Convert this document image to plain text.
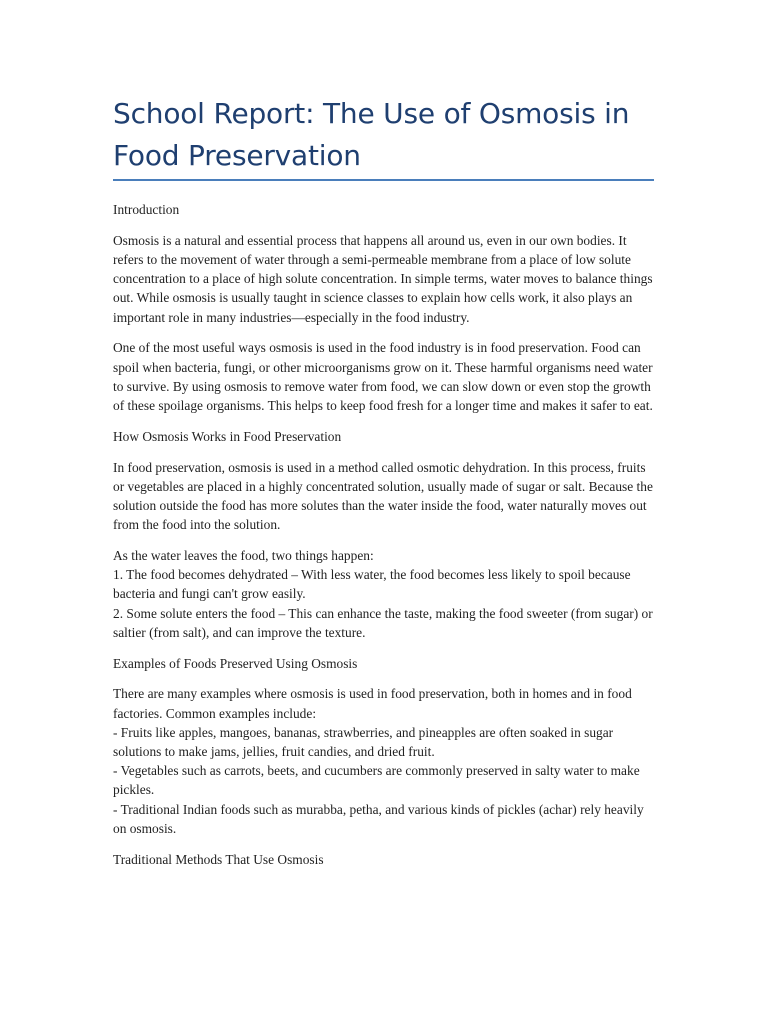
School Report: The Use of Osmosis in Food Preservation

Introduction

Osmosis is a natural and essential process that happens all around us, even in our own bodies. It refers to the movement of water through a semi-permeable membrane from a place of low solute concentration to a place of high solute concentration. In simple terms, water moves to balance things out. While osmosis is usually taught in science classes to explain how cells work, it also plays an important role in many industries—especially in the food industry.

One of the most useful ways osmosis is used in the food industry is in food preservation. Food can spoil when bacteria, fungi, or other microorganisms grow on it. These harmful organisms need water to survive. By using osmosis to remove water from food, we can slow down or even stop the growth of these spoilage organisms. This helps to keep food fresh for a longer time and makes it safer to eat.

How Osmosis Works in Food Preservation

In food preservation, osmosis is used in a method called osmotic dehydration. In this process, fruits or vegetables are placed in a highly concentrated solution, usually made of sugar or salt. Because the solution outside the food has more solutes than the water inside the food, water naturally moves out from the food into the solution.

As the water leaves the food, two things happen:

1. The food becomes dehydrated – With less water, the food becomes less likely to spoil because bacteria and fungi can't grow easily.

2. Some solute enters the food – This can enhance the taste, making the food sweeter (from sugar) or saltier (from salt), and can improve the texture.

Examples of Foods Preserved Using Osmosis

There are many examples where osmosis is used in food preservation, both in homes and in food factories. Common examples include:

- Fruits like apples, mangoes, bananas, strawberries, and pineapples are often soaked in sugar solutions to make jams, jellies, fruit candies, and dried fruit.

- Vegetables such as carrots, beets, and cucumbers are commonly preserved in salty water to make pickles.

- Traditional Indian foods such as murabba, petha, and various kinds of pickles (achar) rely heavily on osmosis.

Traditional Methods That Use Osmosis
